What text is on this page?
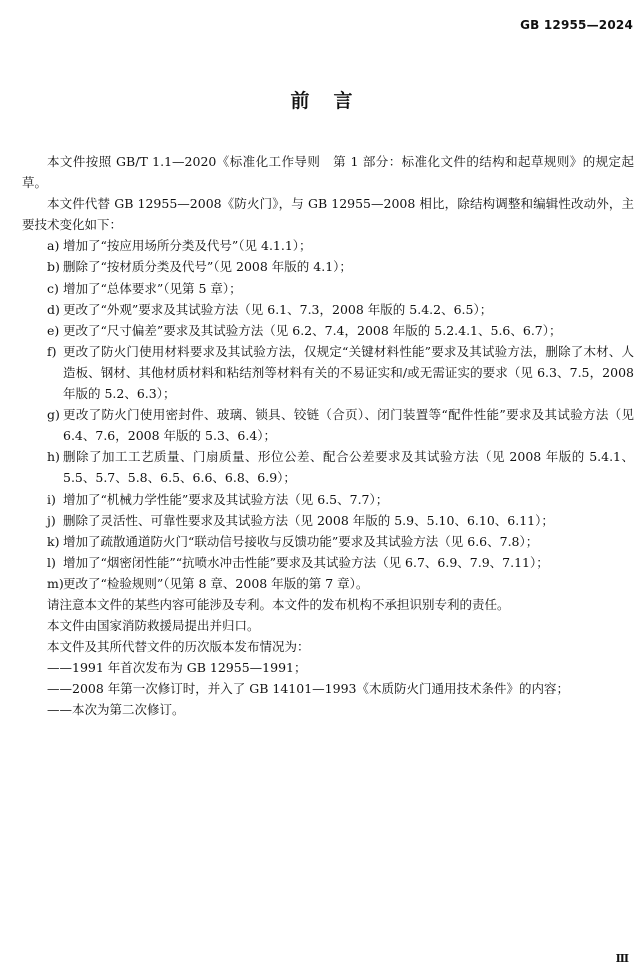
GB 12955—2024
前言

本文件按照 GB/T 1.1—2020《标准化工作导则　第 1 部分：标准化文件的结构和起草规则》的规定起草。

本文件代替 GB 12955—2008《防火门》，与 GB 12955—2008 相比，除结构调整和编辑性改动外，主要技术变化如下：

a) 增加了“按应用场所分类及代号”（见 4.1.1）；
b) 删除了“按材质分类及代号”（见 2008 年版的 4.1）；
c) 增加了“总体要求”（见第 5 章）；
d) 更改了“外观”要求及其试验方法（见 6.1、7.3，2008 年版的 5.4.2、6.5）；
e) 更改了“尺寸偏差”要求及其试验方法（见 6.2、7.4，2008 年版的 5.2.4.1、5.6、6.7）；
f) 更改了防火门使用材料要求及其试验方法，仅规定“关键材料性能”要求及其试验方法，删除了木材、人造板、钢材、其他材质材料和粘结剂等材料有关的不易证实和/或无需证实的要求（见 6.3、7.5，2008 年版的 5.2、6.3）；
g) 更改了防火门使用密封件、玻璃、锁具、铰链（合页）、闭门装置等“配件性能”要求及其试验方法（见 6.4、7.6，2008 年版的 5.3、6.4）；
h) 删除了加工工艺质量、门扇质量、形位公差、配合公差要求及其试验方法（见 2008 年版的 5.4.1、5.5、5.7、5.8、6.5、6.6、6.8、6.9）；
i) 增加了“机械力学性能”要求及其试验方法（见 6.5、7.7）；
j) 删除了灵活性、可靠性要求及其试验方法（见 2008 年版的 5.9、5.10、6.10、6.11）；
k) 增加了疏散通道防火门“联动信号接收与反馈功能”要求及其试验方法（见 6.6、7.8）；
l) 增加了“烟密闭性能”“抗喷水冲击性能”要求及其试验方法（见 6.7、6.9、7.9、7.11）；
m) 更改了“检验规则”（见第 8 章、2008 年版的第 7 章）。

请注意本文件的某些内容可能涉及专利。本文件的发布机构不承担识别专利的责任。

本文件由国家消防救援局提出并归口。

本文件及其所代替文件的历次版本发布情况为：

——1991 年首次发布为 GB 12955—1991；

——2008 年第一次修订时，并入了 GB 14101—1993《木质防火门通用技术条件》的内容；

——本次为第二次修订。

Ⅲ
